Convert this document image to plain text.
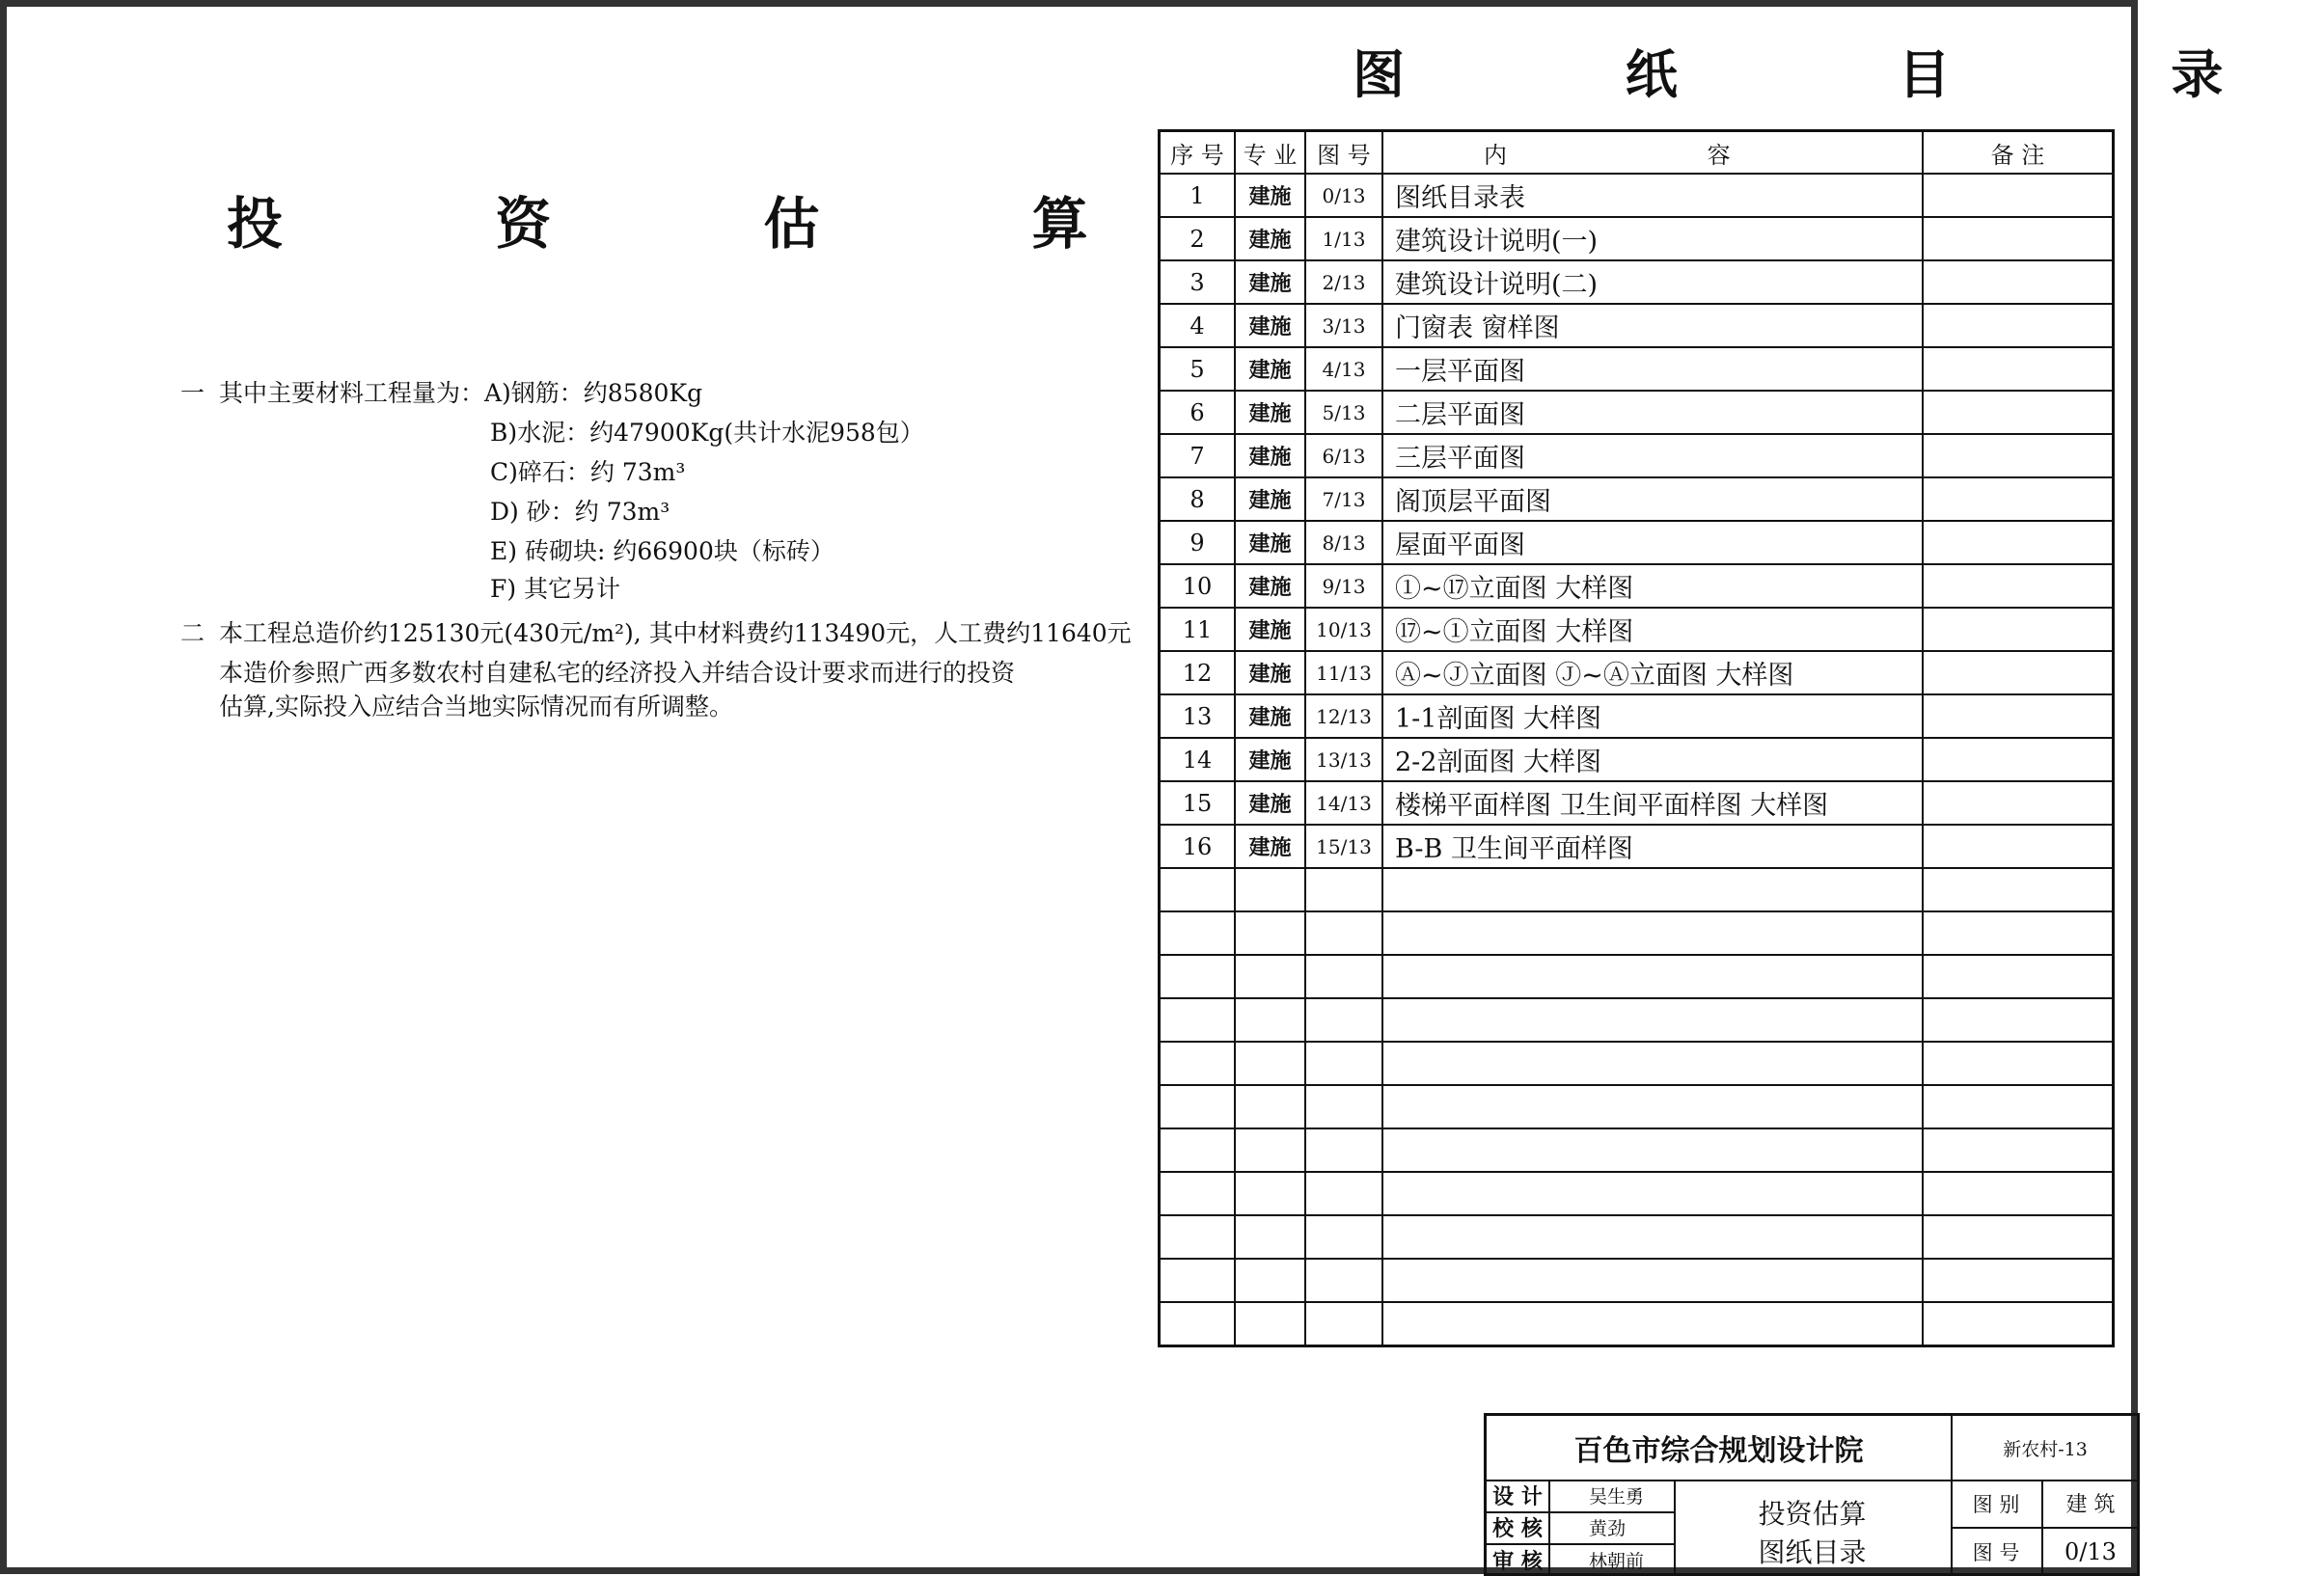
投 资 估 算
一 其中主要材料工程量为：A)钢筋：约8580Kg
B)水泥：约47900Kg(共计水泥958包）
C)碎石：约 73m³
D) 砂：约 73m³
E) 砖砌块: 约66900块（标砖）
F) 其它另计
二 本工程总造价约125130元(430元/m²), 其中材料费约113490元，人工费约11640元
本造价参照广西多数农村自建私宅的经济投入并结合设计要求而进行的投资
估算,实际投入应结合当地实际情况而有所调整。
图 纸 目 录
序 号	专 业	图 号	内 容	备 注
1	建施	0/13	图纸目录表	
2	建施	1/13	建筑设计说明(一)	
3	建施	2/13	建筑设计说明(二)	
4	建施	3/13	门窗表 窗样图	
5	建施	4/13	一层平面图	
6	建施	5/13	二层平面图	
7	建施	6/13	三层平面图	
8	建施	7/13	阁顶层平面图	
9	建施	8/13	屋面平面图	
10	建施	9/13	①~⑰立面图 大样图	
11	建施	10/13	⑰~①立面图 大样图	
12	建施	11/13	Ⓐ~Ⓙ立面图 Ⓙ~Ⓐ立面图 大样图	
13	建施	12/13	1-1剖面图 大样图	
14	建施	13/13	2-2剖面图 大样图	
15	建施	14/13	楼梯平面样图 卫生间平面样图 大样图	
16	建施	15/13	B-B 卫生间平面样图	

百色市综合规划设计院	新农村-13
设 计	吴生勇
校 核	黄劲
审 核	林朝前
投资估算
图纸目录
图 别	建 筑
图 号	0/13
